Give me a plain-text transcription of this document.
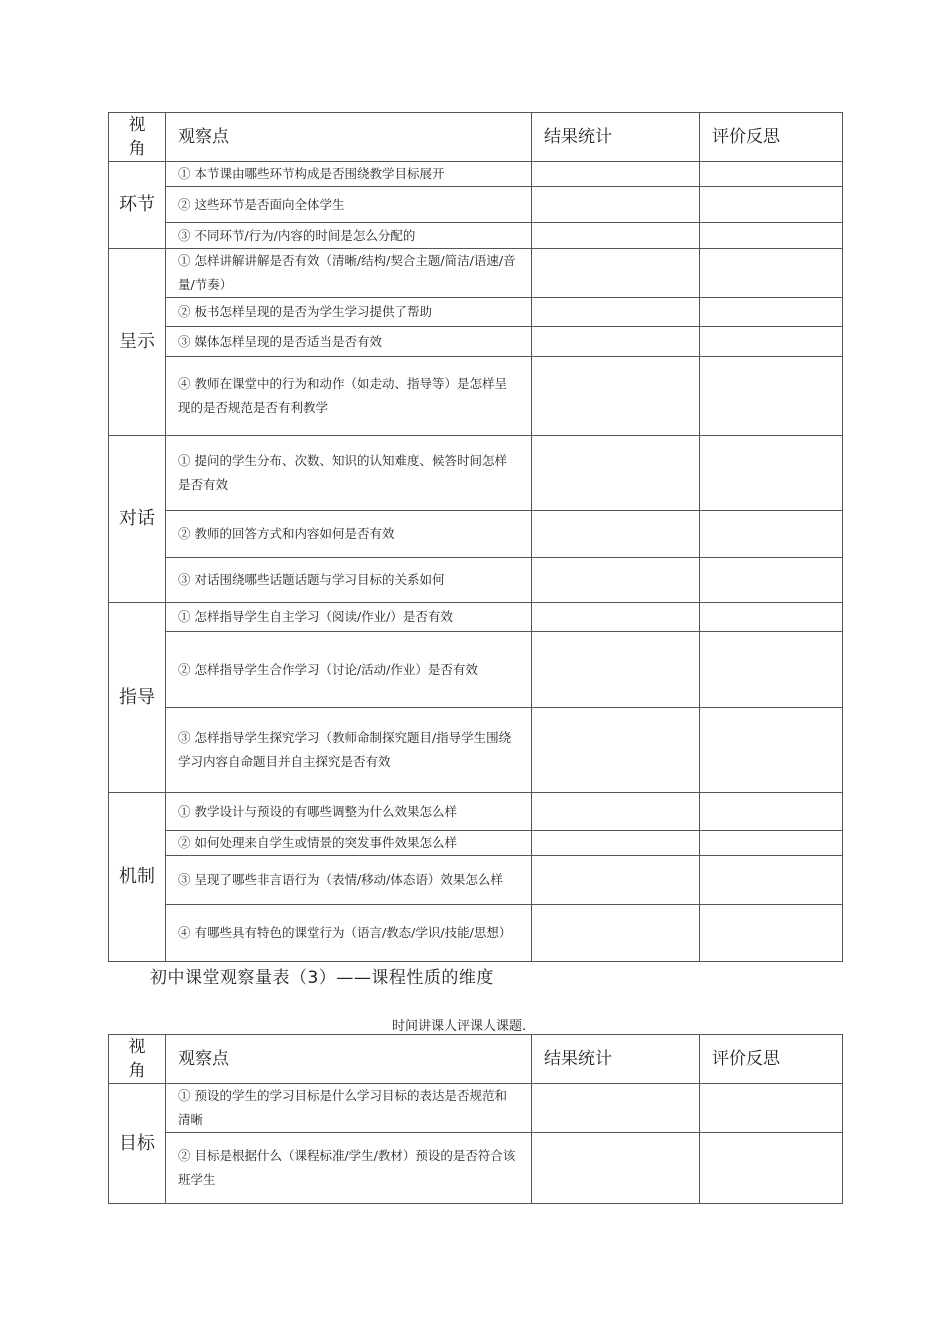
视角	观察点	结果统计	评价反思
环节	① 本节课由哪些环节构成是否围绕教学目标展开		
	② 这些环节是否面向全体学生		
	③ 不同环节/行为/内容的时间是怎么分配的		
呈示	① 怎样讲解讲解是否有效（清晰/结构/契合主题/简洁/语速/音量/节奏）		
	② 板书怎样呈现的是否为学生学习提供了帮助		
	③ 媒体怎样呈现的是否适当是否有效		
	④ 教师在课堂中的行为和动作（如走动、指导等）是怎样呈现的是否规范是否有利教学		
对话	① 提问的学生分布、次数、知识的认知难度、候答时间怎样是否有效		
	② 教师的回答方式和内容如何是否有效		
	③ 对话围绕哪些话题话题与学习目标的关系如何		
指导	① 怎样指导学生自主学习（阅读/作业/）是否有效		
	② 怎样指导学生合作学习（讨论/活动/作业）是否有效		
	③ 怎样指导学生探究学习（教师命制探究题目/指导学生围绕学习内容自命题目并自主探究是否有效		
机制	① 教学设计与预设的有哪些调整为什么效果怎么样		
	② 如何处理来自学生或情景的突发事件效果怎么样		
	③ 呈现了哪些非言语行为（表情/移动/体态语）效果怎么样		
	④ 有哪些具有特色的课堂行为（语言/教态/学识/技能/思想）		
初中课堂观察量表（3）——课程性质的维度
时间讲课人评课人课题.
视角	观察点	结果统计	评价反思
目标	① 预设的学生的学习目标是什么学习目标的表达是否规范和清晰		
	② 目标是根据什么（课程标准/学生/教材）预设的是否符合该班学生		
